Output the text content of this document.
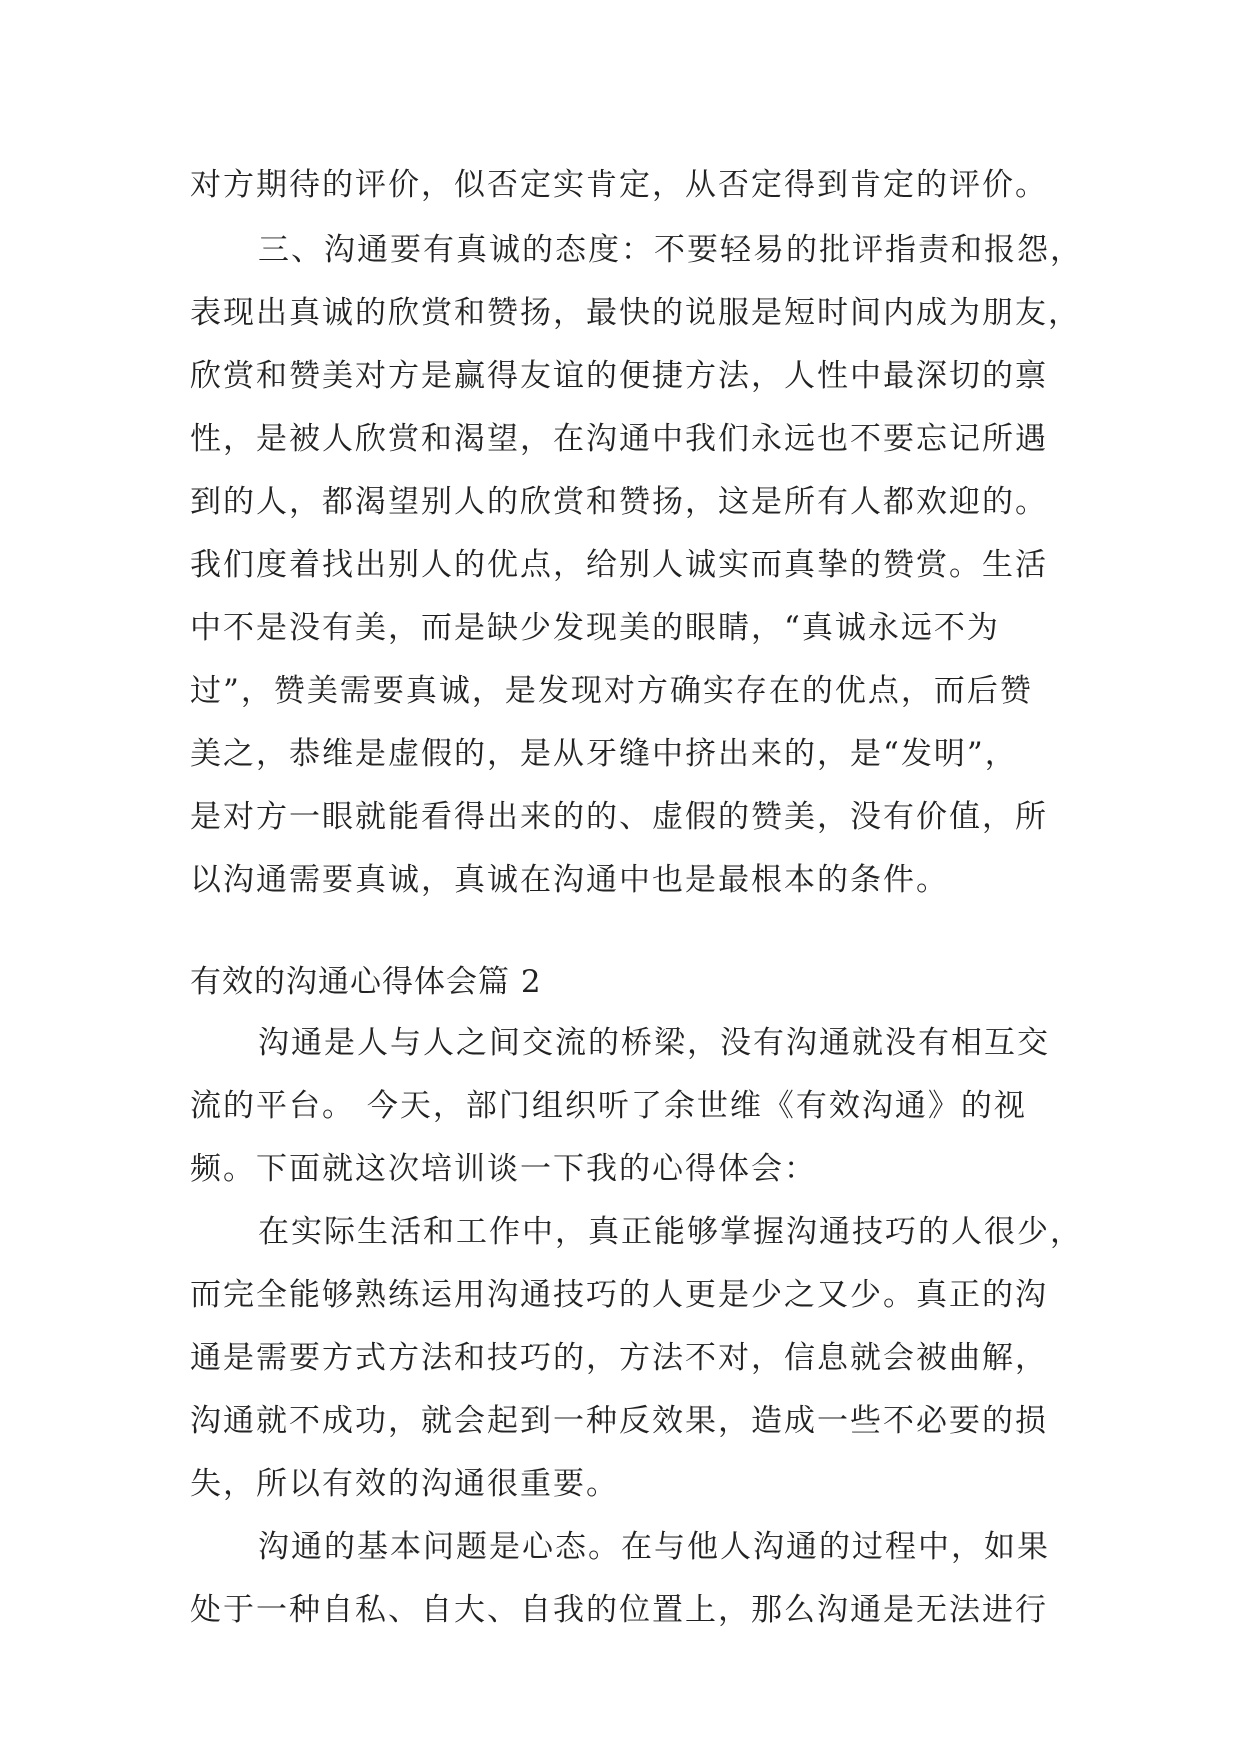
对方期待的评价，似否定实肯定，从否定得到肯定的评价。
三、沟通要有真诚的态度：不要轻易的批评指责和报怨，
表现出真诚的欣赏和赞扬，最快的说服是短时间内成为朋友，
欣赏和赞美对方是赢得友谊的便捷方法，人性中最深切的禀
性，是被人欣赏和渴望，在沟通中我们永远也不要忘记所遇
到的人，都渴望别人的欣赏和赞扬，这是所有人都欢迎的。
我们度着找出别人的优点，给别人诚实而真挚的赞赏。生活
中不是没有美，而是缺少发现美的眼睛，“真诚永远不为
过”，赞美需要真诚，是发现对方确实存在的优点，而后赞
美之，恭维是虚假的，是从牙缝中挤出来的，是“发明”，
是对方一眼就能看得出来的的、虚假的赞美，没有价值，所
以沟通需要真诚，真诚在沟通中也是最根本的条件。
有效的沟通心得体会篇 2
沟通是人与人之间交流的桥梁，没有沟通就没有相互交
流的平台。 今天，部门组织听了余世维《有效沟通》的视
频。下面就这次培训谈一下我的心得体会：
在实际生活和工作中，真正能够掌握沟通技巧的人很少，
而完全能够熟练运用沟通技巧的人更是少之又少。真正的沟
通是需要方式方法和技巧的，方法不对，信息就会被曲解，
沟通就不成功，就会起到一种反效果，造成一些不必要的损
失，所以有效的沟通很重要。
沟通的基本问题是心态。在与他人沟通的过程中，如果
处于一种自私、自大、自我的位置上，那么沟通是无法进行
